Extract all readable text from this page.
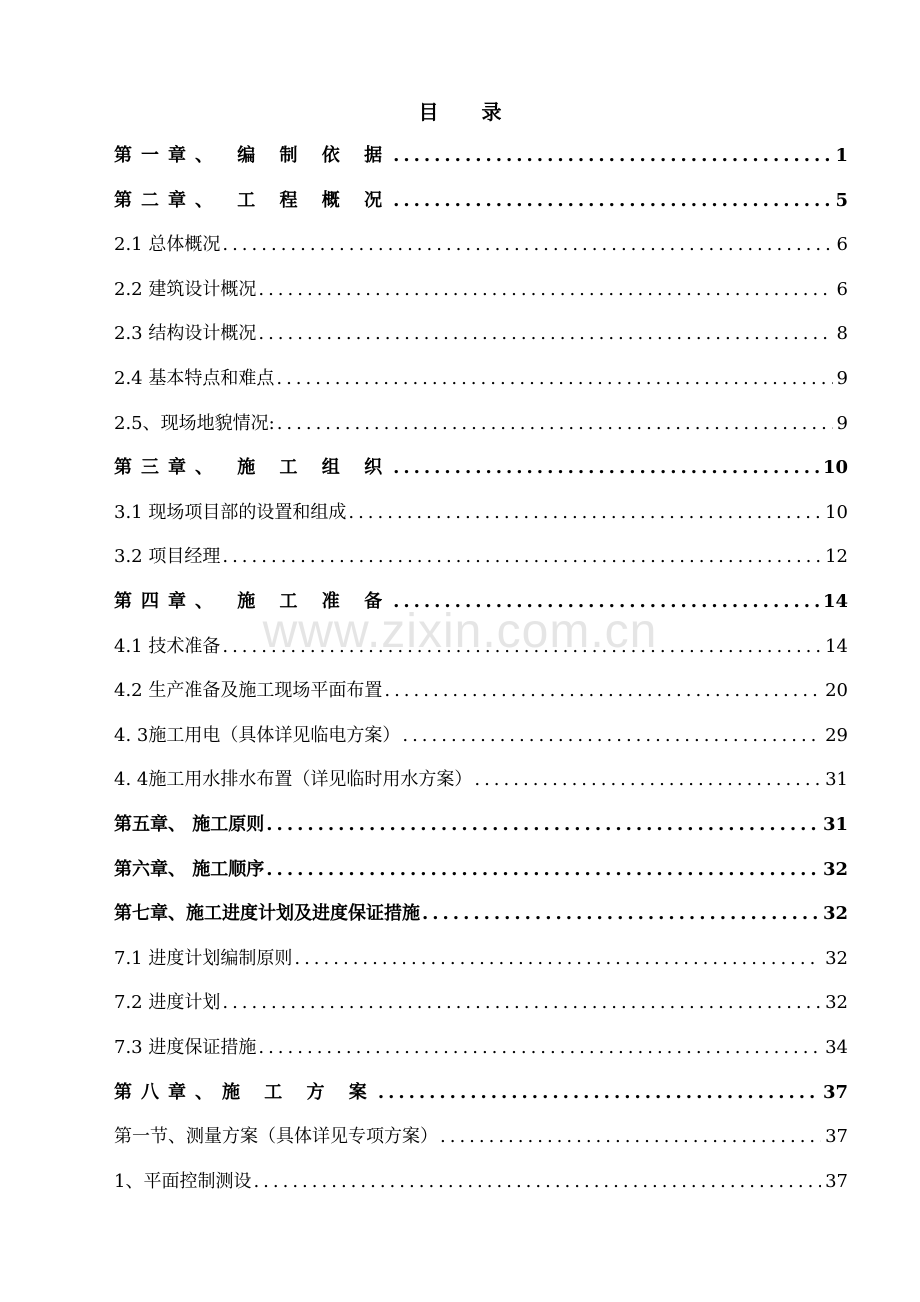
目 录
第一章、 编 制 依 据 .....	1
第二章、 工 程 概 况 .....	5
2.1 总体概况 .....	6
2.2 建筑设计概况 .....	6
2.3 结构设计概况 .....	8
2.4 基本特点和难点 .....	9
2.5、现场地貌情况: .....	9
第三章、 施 工 组 织 .....	10
3.1 现场项目部的设置和组成 .....	10
3.2 项目经理 .....	12
第四章、 施 工 准 备 .....	14
4.1 技术准备 .....	14
4.2 生产准备及施工现场平面布置 .....	20
4. 3施工用电（具体详见临电方案） .....	29
4. 4施工用水排水布置（详见临时用水方案） .....	31
第五章、 施工原则 .....	31
第六章、 施工顺序 .....	32
第七章、施工进度计划及进度保证措施 .....	32
7.1 进度计划编制原则 .....	32
7.2 进度计划 .....	32
7.3 进度保证措施 .....	34
第八章、施 工 方 案 .....	37
第一节、测量方案（具体详见专项方案） .....	37
1、平面控制测设 .....	37
www.zixin.com.cn
